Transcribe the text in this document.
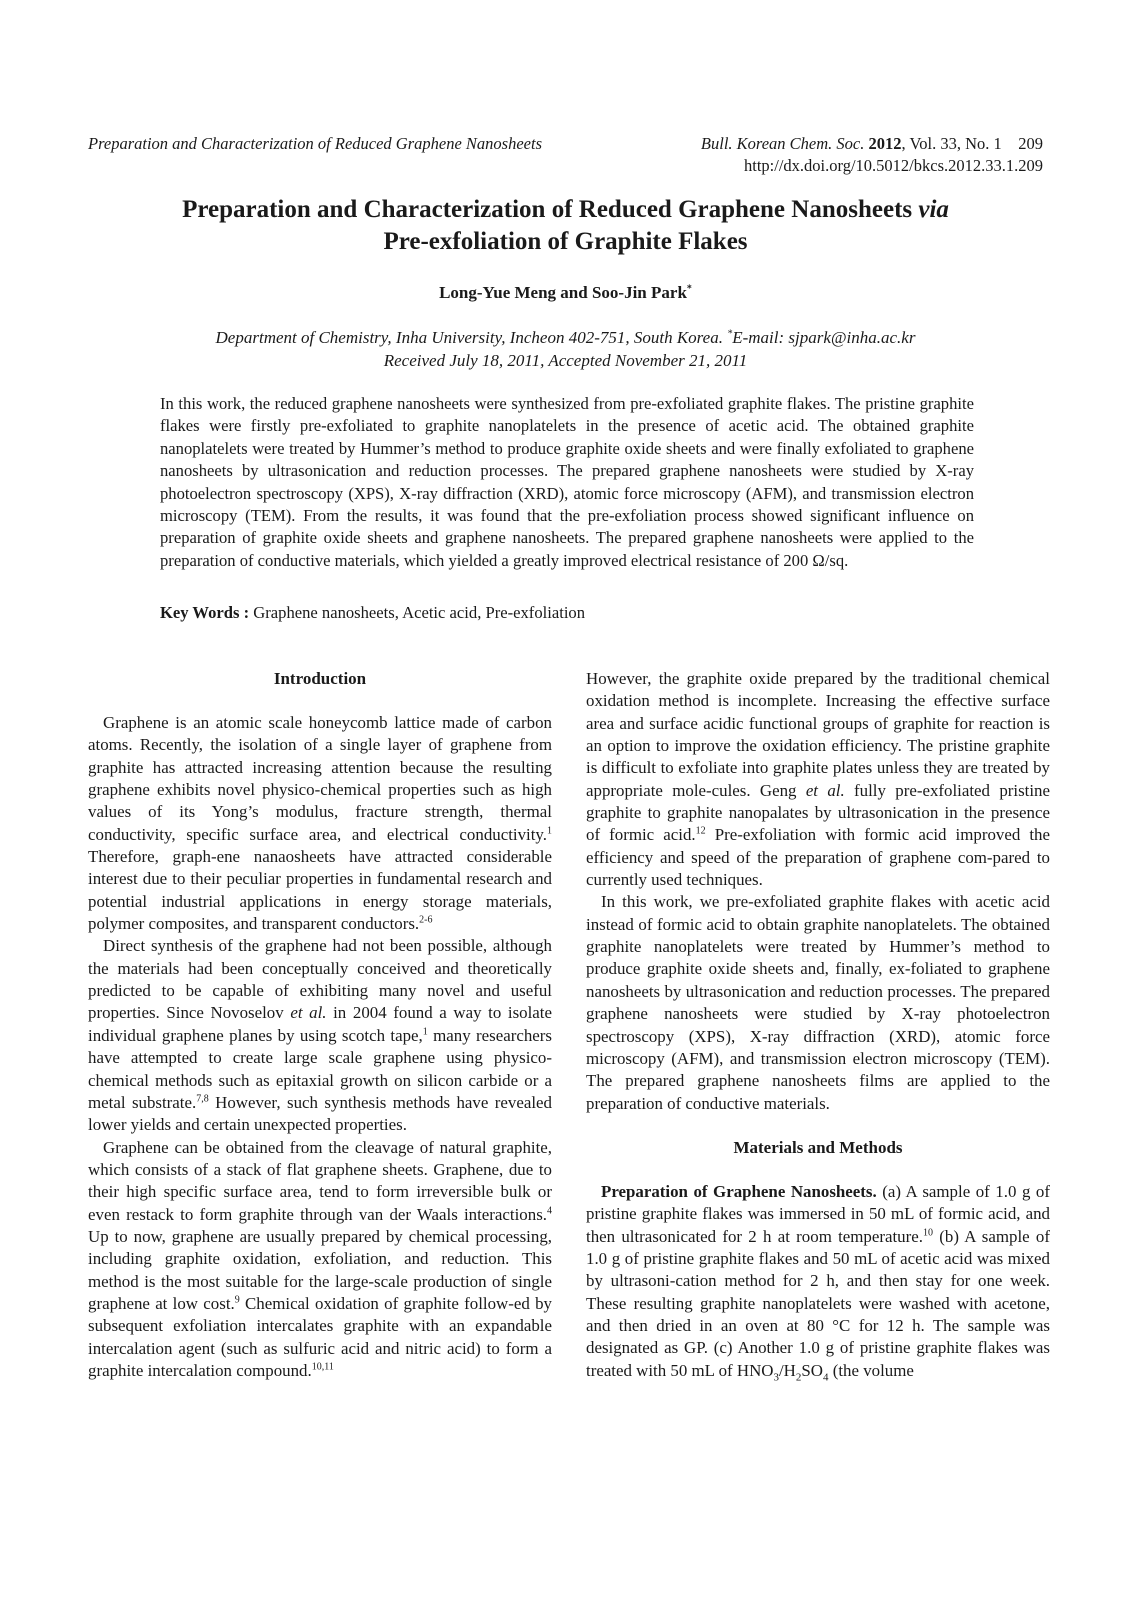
Preparation and Characterization of Reduced Graphene Nanosheets	Bull. Korean Chem. Soc. 2012, Vol. 33, No. 1 209
http://dx.doi.org/10.5012/bkcs.2012.33.1.209
Preparation and Characterization of Reduced Graphene Nanosheets via
Pre-exfoliation of Graphite Flakes
Long-Yue Meng and Soo-Jin Park*
Department of Chemistry, Inha University, Incheon 402-751, South Korea. *E-mail: sjpark@inha.ac.kr
Received July 18, 2011, Accepted November 21, 2011
In this work, the reduced graphene nanosheets were synthesized from pre-exfoliated graphite flakes. The pristine graphite flakes were firstly pre-exfoliated to graphite nanoplatelets in the presence of acetic acid. The obtained graphite nanoplatelets were treated by Hummer’s method to produce graphite oxide sheets and were finally exfoliated to graphene nanosheets by ultrasonication and reduction processes. The prepared graphene nanosheets were studied by X-ray photoelectron spectroscopy (XPS), X-ray diffraction (XRD), atomic force microscopy (AFM), and transmission electron microscopy (TEM). From the results, it was found that the pre-exfoliation process showed significant influence on preparation of graphite oxide sheets and graphene nanosheets. The prepared graphene nanosheets were applied to the preparation of conductive materials, which yielded a greatly improved electrical resistance of 200 Ω/sq.
Key Words : Graphene nanosheets, Acetic acid, Pre-exfoliation
Introduction

Graphene is an atomic scale honeycomb lattice made of carbon atoms. Recently, the isolation of a single layer of graphene from graphite has attracted increasing attention because the resulting graphene exhibits novel physico-chemical properties such as high values of its Yong’s modulus, fracture strength, thermal conductivity, specific surface area, and electrical conductivity.$^1$ Therefore, graph-ene nanaosheets have attracted considerable interest due to their peculiar properties in fundamental research and potential industrial applications in energy storage materials, polymer composites, and transparent conductors.$^{2-6}$

Direct synthesis of the graphene had not been possible, although the materials had been conceptually conceived and theoretically predicted to be capable of exhibiting many novel and useful properties. Since Novoselov et al. in 2004 found a way to isolate individual graphene planes by using scotch tape,$^1$ many researchers have attempted to create large scale graphene using physico-chemical methods such as epitaxial growth on silicon carbide or a metal substrate.$^{7,8}$ However, such synthesis methods have revealed lower yields and certain unexpected properties.

Graphene can be obtained from the cleavage of natural graphite, which consists of a stack of flat graphene sheets. Graphene, due to their high specific surface area, tend to form irreversible bulk or even restack to form graphite through van der Waals interactions.$^4$ Up to now, graphene are usually prepared by chemical processing, including graphite oxidation, exfoliation, and reduction. This method is the most suitable for the large-scale production of single graphene at low cost.$^9$ Chemical oxidation of graphite follow-ed by subsequent exfoliation intercalates graphite with an expandable intercalation agent (such as sulfuric acid and nitric acid) to form a graphite intercalation compound.$^{10,11}$

However, the graphite oxide prepared by the traditional chemical oxidation method is incomplete. Increasing the effective surface area and surface acidic functional groups of graphite for reaction is an option to improve the oxidation efficiency. The pristine graphite is difficult to exfoliate into graphite plates unless they are treated by appropriate mole-cules. Geng et al. fully pre-exfoliated pristine graphite to graphite nanopalates by ultrasonication in the presence of formic acid.$^{12}$ Pre-exfoliation with formic acid improved the efficiency and speed of the preparation of graphene com-pared to currently used techniques.

In this work, we pre-exfoliated graphite flakes with acetic acid instead of formic acid to obtain graphite nanoplatelets. The obtained graphite nanoplatelets were treated by Hummer’s method to produce graphite oxide sheets and, finally, ex-foliated to graphene nanosheets by ultrasonication and reduction processes. The prepared graphene nanosheets were studied by X-ray photoelectron spectroscopy (XPS), X-ray diffraction (XRD), atomic force microscopy (AFM), and transmission electron microscopy (TEM). The prepared graphene nanosheets films are applied to the preparation of conductive materials.

Materials and Methods

Preparation of Graphene Nanosheets. (a) A sample of 1.0 g of pristine graphite flakes was immersed in 50 mL of formic acid, and then ultrasonicated for 2 h at room temperature.$^{10}$ (b) A sample of 1.0 g of pristine graphite flakes and 50 mL of acetic acid was mixed by ultrasoni-cation method for 2 h, and then stay for one week. These resulting graphite nanoplatelets were washed with acetone, and then dried in an oven at 80 °C for 12 h. The sample was designated as GP. (c) Another 1.0 g of pristine graphite flakes was treated with 50 mL of $HNO_3/H_2SO_4$ (the volume
